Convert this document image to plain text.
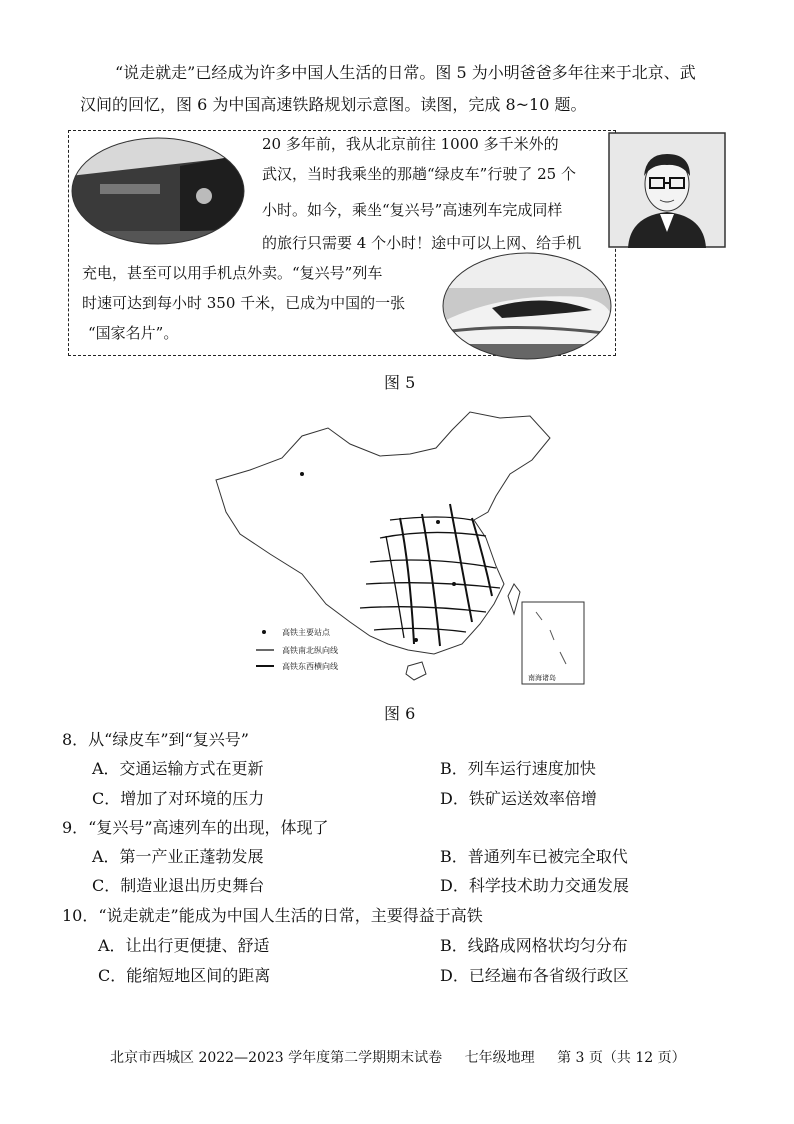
“说走就走”已经成为许多中国人生活的日常。图 5 为小明爸爸多年往来于北京、武
汉间的回忆，图 6 为中国高速铁路规划示意图。读图，完成 8~10 题。
20 多年前，我从北京前往 1000 多千米外的
武汉，当时我乘坐的那趟“绿皮车”行驶了 25 个
小时。如今，乘坐“复兴号”高速列车完成同样
的旅行只需要 4 个小时！途中可以上网、给手机
充电，甚至可以用手机点外卖。“复兴号”列车
时速可达到每小时 350 千米，已成为中国的一张
“国家名片”。
图 5
南海诸岛
高铁主要站点
高铁南北纵向线
高铁东西横向线
图 6
8．从“绿皮车”到“复兴号”
A．交通运输方式在更新	B．列车运行速度加快
C．增加了对环境的压力	D．铁矿运送效率倍增
9．“复兴号”高速列车的出现，体现了
A．第一产业正蓬勃发展	B．普通列车已被完全取代
C．制造业退出历史舞台	D．科学技术助力交通发展
10．“说走就走”能成为中国人生活的日常，主要得益于高铁
A．让出行更便捷、舒适	B．线路成网格状均匀分布
C．能缩短地区间的距离	D．已经遍布各省级行政区
北京市西城区 2022—2023 学年度第二学期期末试卷 七年级地理 第 3 页（共 12 页）
